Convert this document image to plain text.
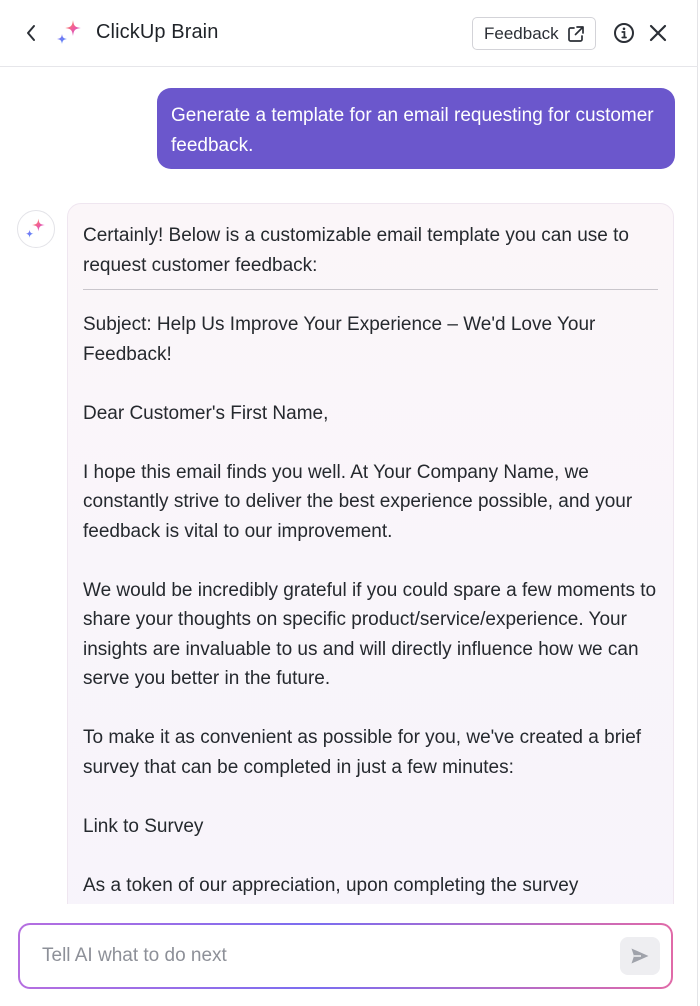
ClickUp Brain	Feedback
Generate a template for an email requesting for customer feedback.

Certainly! Below is a customizable email template you can use to request customer feedback:

Subject: Help Us Improve Your Experience – We'd Love Your Feedback!

Dear Customer's First Name,

I hope this email finds you well. At Your Company Name, we constantly strive to deliver the best experience possible, and your feedback is vital to our improvement.

We would be incredibly grateful if you could spare a few moments to share your thoughts on specific product/service/experience. Your insights are invaluable to us and will directly influence how we can serve you better in the future.

To make it as convenient as possible for you, we've created a brief survey that can be completed in just a few minutes:

Link to Survey

As a token of our appreciation, upon completing the survey

Tell AI what to do next
